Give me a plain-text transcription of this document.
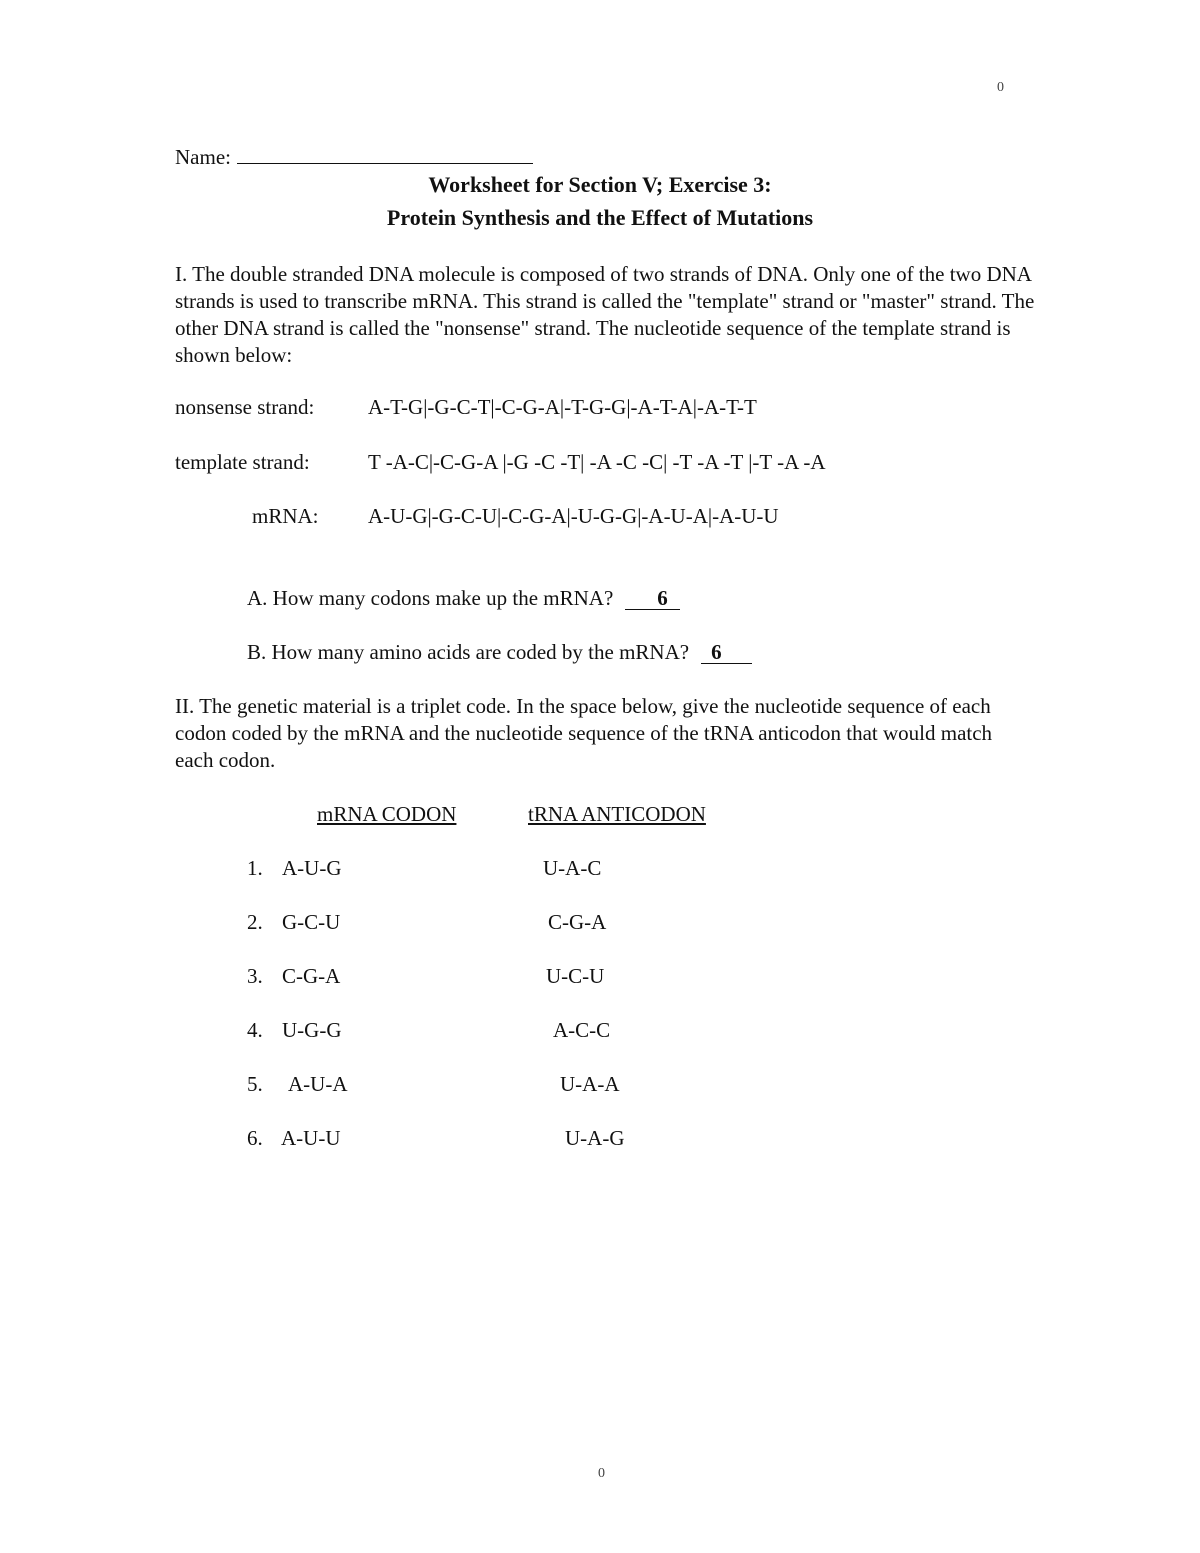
0
Name:
Worksheet for Section V; Exercise 3:
Protein Synthesis and the Effect of Mutations
I. The double stranded DNA molecule is composed of two strands of DNA. Only one of the two DNA strands is used to transcribe mRNA. This strand is called the "template" strand or "master" strand. The other DNA strand is called the "nonsense" strand. The nucleotide sequence of the template strand is shown below:
nonsense strand:	A-T-G|-G-C-T|-C-G-A|-T-G-G|-A-T-A|-A-T-T
template strand:	T -A-C|-C-G-A |-G -C -T| -A -C -C| -T -A -T |-T -A -A
mRNA: A-U-G|-G-C-U|-C-G-A|-U-G-G|-A-U-A|-A-U-U
A. How many codons make up the mRNA? 6
B. How many amino acids are coded by the mRNA? 6
II. The genetic material is a triplet code. In the space below, give the nucleotide sequence of each codon coded by the mRNA and the nucleotide sequence of the tRNA anticodon that would match each codon.
mRNA CODON	tRNA ANTICODON
1. A-U-G	U-A-C
2. G-C-U	C-G-A
3. C-G-A	U-C-U
4. U-G-G	A-C-C
5. A-U-A	U-A-A
6. A-U-U	U-A-G
0
